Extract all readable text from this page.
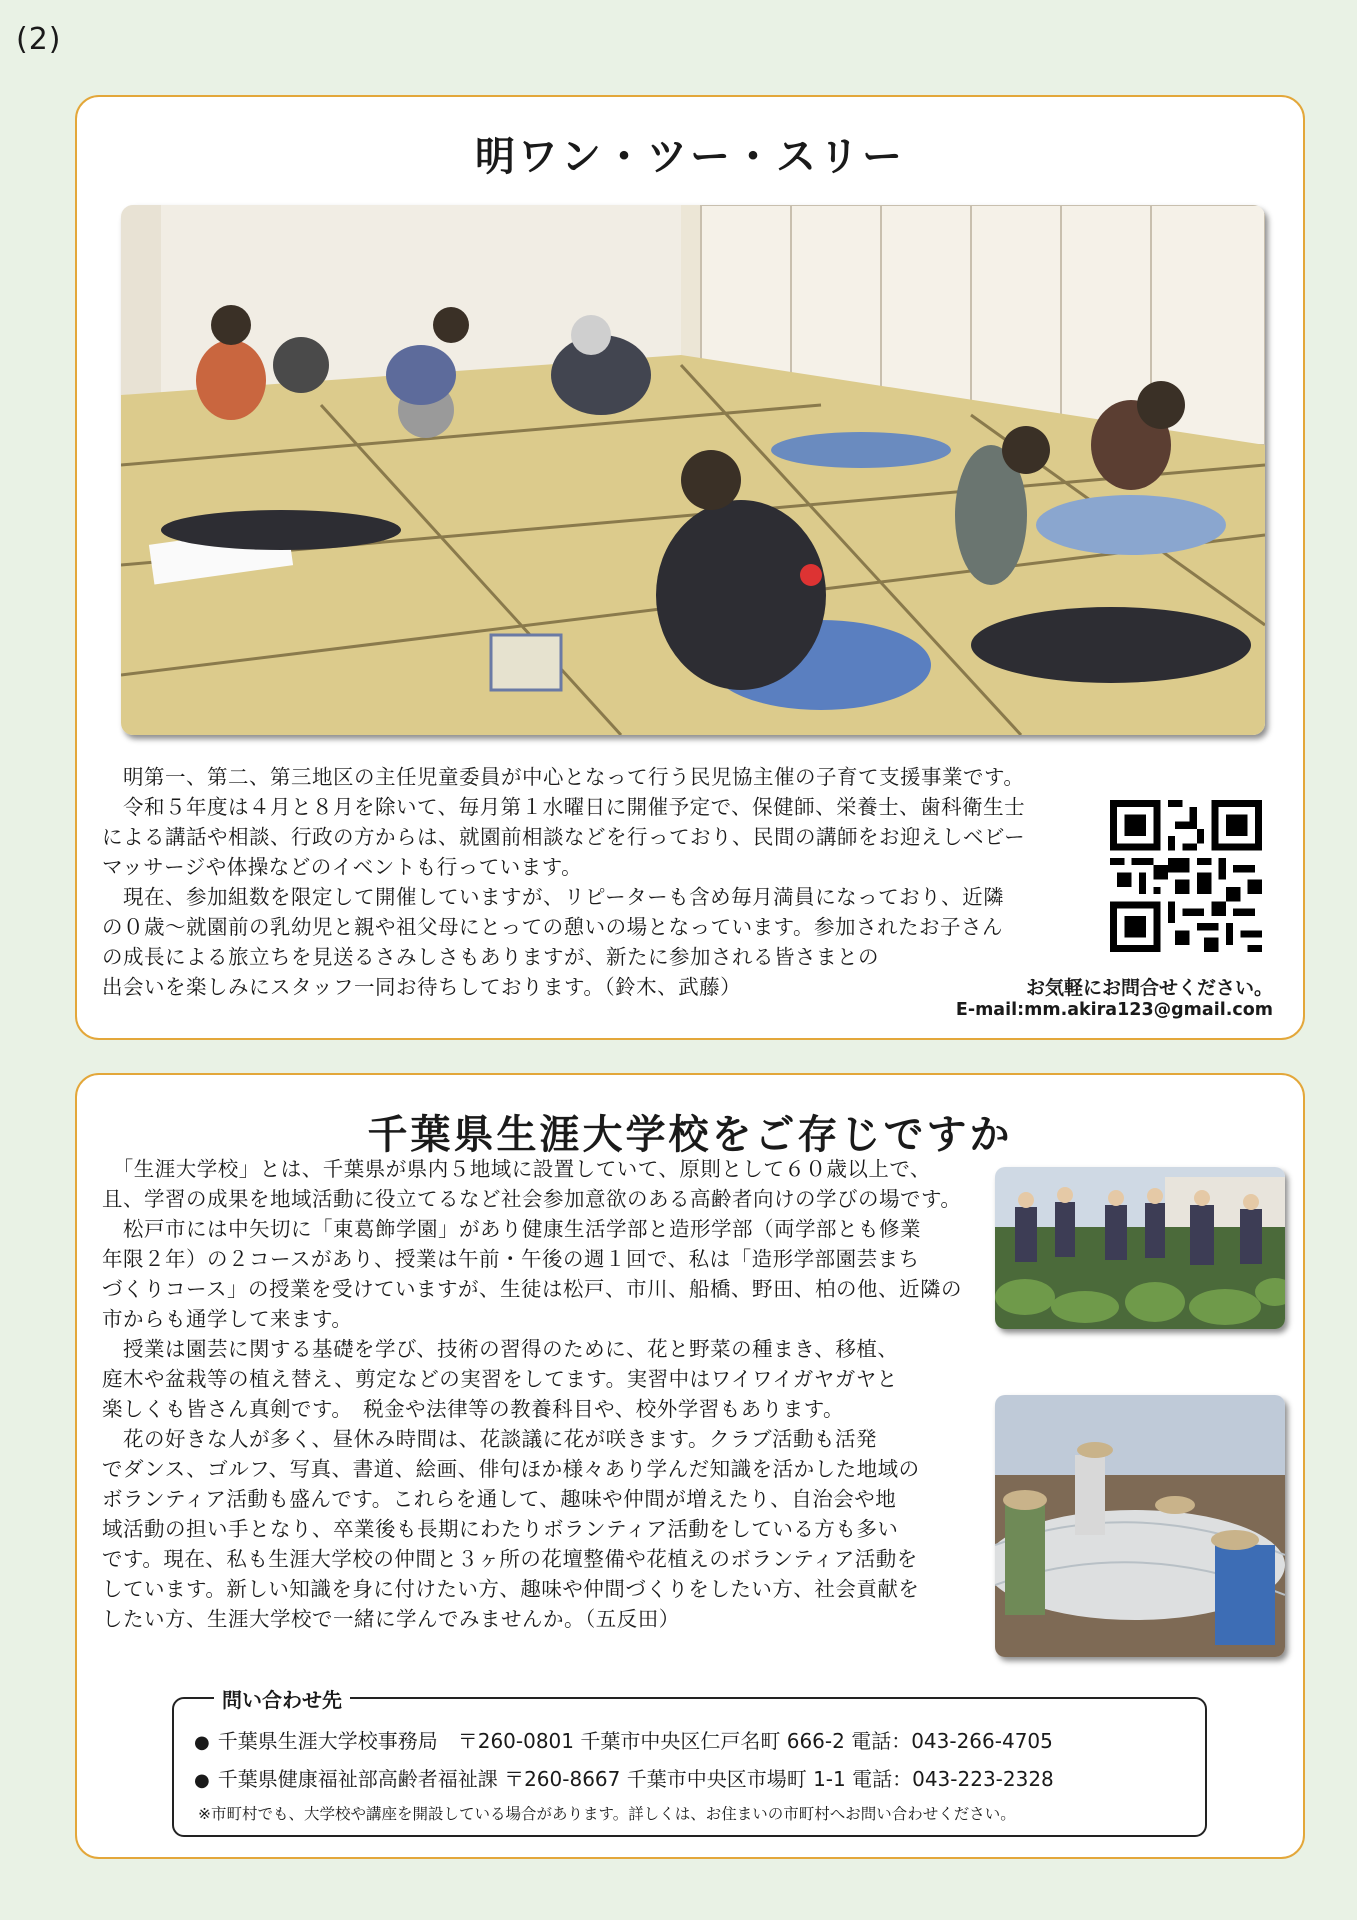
(2)
明ワン・ツー・スリー
　明第一、第二、第三地区の主任児童委員が中心となって行う民児協主催の子育て支援事業です。
　令和５年度は４月と８月を除いて、毎月第１水曜日に開催予定で、保健師、栄養士、歯科衛生士
による講話や相談、行政の方からは、就園前相談などを行っており、民間の講師をお迎えしベビー
マッサージや体操などのイベントも行っています。
　現在、参加組数を限定して開催していますが、リピーターも含め毎月満員になっており、近隣
の０歳～就園前の乳幼児と親や祖父母にとっての憩いの場となっています。参加されたお子さん
の成長による旅立ちを見送るさみしさもありますが、新たに参加される皆さまとの
出会いを楽しみにスタッフ一同お待ちしております。（鈴木、武藤）	お気軽にお問合せください。
E-mail:mm.akira123@gmail.com
千葉県生涯大学校をご存じですか
　「生涯大学校」とは、千葉県が県内５地域に設置していて、原則として６０歳以上で、
且、学習の成果を地域活動に役立てるなど社会参加意欲のある高齢者向けの学びの場です。
　松戸市には中矢切に「東葛飾学園」があり健康生活学部と造形学部（両学部とも修業
年限２年）の２コースがあり、授業は午前・午後の週１回で、私は「造形学部園芸まち
づくりコース」の授業を受けていますが、生徒は松戸、市川、船橋、野田、柏の他、近隣の
市からも通学して来ます。
　授業は園芸に関する基礎を学び、技術の習得のために、花と野菜の種まき、移植、
庭木や盆栽等の植え替え、剪定などの実習をしてます。実習中はワイワイガヤガヤと
楽しくも皆さん真剣です。　税金や法律等の教養科目や、校外学習もあります。
　花の好きな人が多く、昼休み時間は、花談議に花が咲きます。クラブ活動も活発
でダンス、ゴルフ、写真、書道、絵画、俳句ほか様々あり学んだ知識を活かした地域の
ボランティア活動も盛んです。これらを通して、趣味や仲間が増えたり、自治会や地
域活動の担い手となり、卒業後も長期にわたりボランティア活動をしている方も多い
です。現在、私も生涯大学校の仲間と３ヶ所の花壇整備や花植えのボランティア活動を
しています。新しい知識を身に付けたい方、趣味や仲間づくりをしたい方、社会貢献を
したい方、生涯大学校で一緒に学んでみませんか。（五反田）
問い合わせ先
● 千葉県生涯大学校事務局　〒260-0801 千葉市中央区仁戸名町 666-2 電話：043-266-4705
● 千葉県健康福祉部高齢者福祉課 〒260-8667 千葉市中央区市場町 1-1 電話：043-223-2328
※市町村でも、大学校や講座を開設している場合があります。詳しくは、お住まいの市町村へお問い合わせください。
